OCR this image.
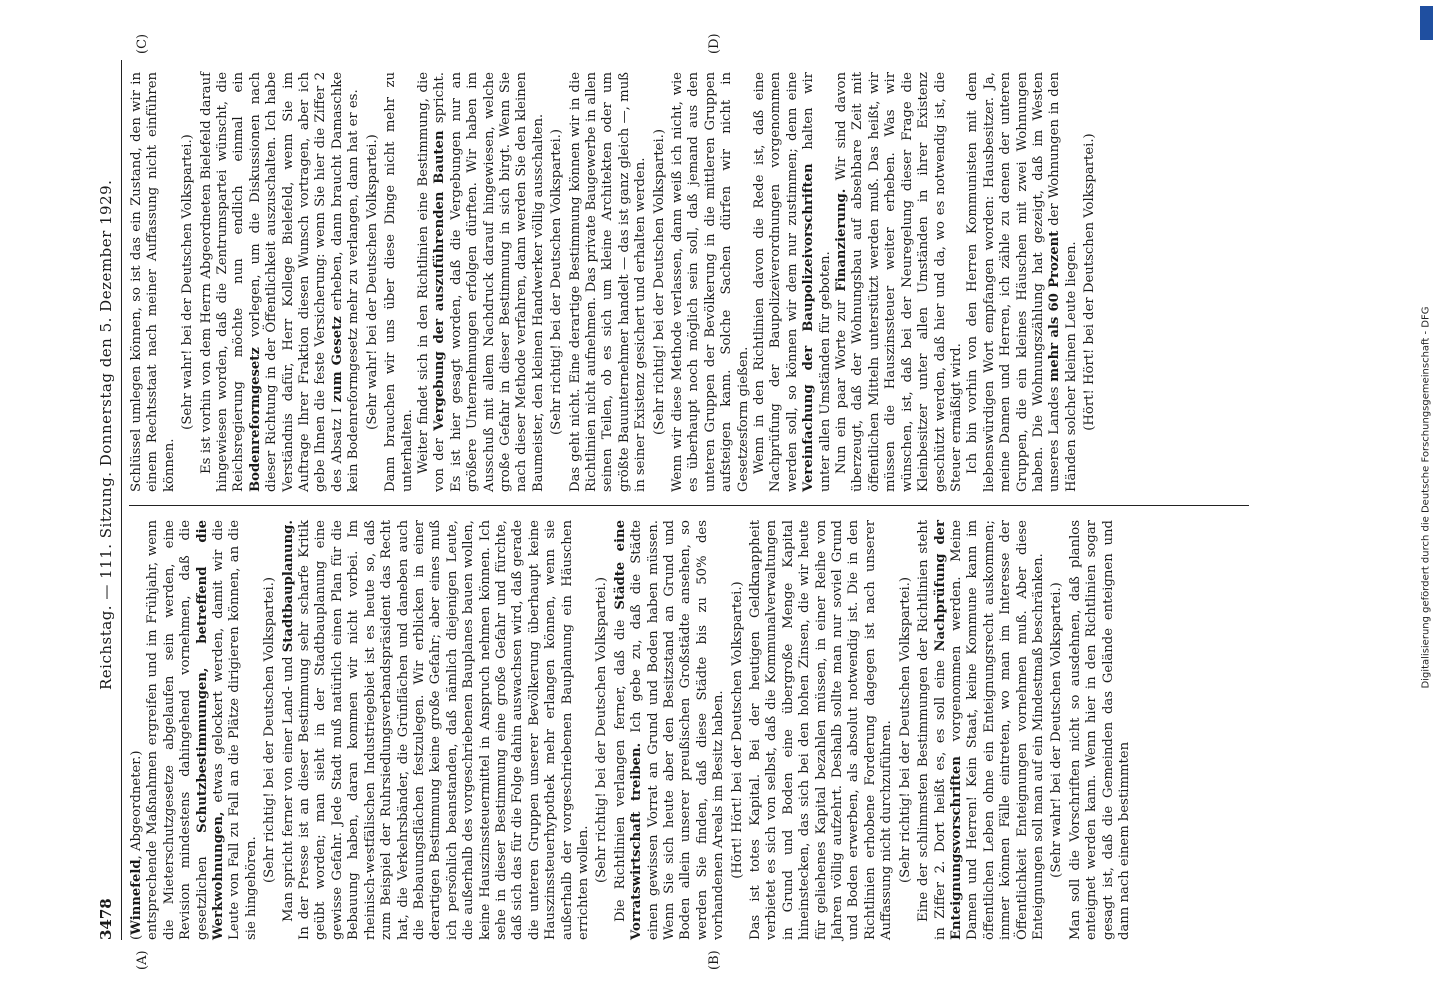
3478
Reichstag. — 111. Sitzung. Donnerstag den 5. Dezember 1929.
(A)	(B)
(C)	(D)

(Winnefeld, Abgeordneter.) entsprechende Maßnahmen ergreifen und im Frühjahr, wenn die Mieterschutzgesetze abgelaufen sein werden, eine Revision mindestens dahingehend vornehmen, daß die gesetzlichen Schutzbestimmungen, betreffend die Werkwohnungen, etwas gelockert werden, damit wir die Leute von Fall zu Fall an die Plätze dirigieren können, an die sie hingehören.

(Sehr richtig! bei der Deutschen Volkspartei.) Man spricht ferner von einer Land- und Stadtbauplanung. In der Presse ist an dieser Bestimmung sehr scharfe Kritik geübt worden; man sieht in der Stadtbauplanung eine gewisse Gefahr. Jede Stadt muß natürlich einen Plan für die Bebauung haben, daran kommen wir nicht vorbei. Im rheinisch-westfälischen Industriegebiet ist es heute so, daß zum Beispiel der Ruhrsiedlungsverbandspräsident das Recht hat, die Verkehrsbänder, die Grünflächen und daneben auch die Bebauungsflächen festzulegen. Wir erblicken in einer derartigen Bestimmung keine große Gefahr; aber eines muß ich persönlich beanstanden, daß nämlich diejenigen Leute, die außerhalb des vorgeschriebenen Bauplanes bauen wollen, keine Hauszinssteuermittel in Anspruch nehmen können. Ich sehe in dieser Bestimmung eine große Gefahr und fürchte, daß sich das für die Folge dahin auswachsen wird, daß gerade die unteren Gruppen unserer Bevölkerung überhaupt keine Hauszinssteuerhypothek mehr erlangen können, wenn sie außerhalb der vorgeschriebenen Bauplanung ein Häuschen errichten wollen. (Sehr richtig! bei der Deutschen Volkspartei.) Die Richtlinien verlangen ferner, daß die Städte eine Vorratswirtschaft treiben. Ich gebe zu, daß die Städte einen gewissen Vorrat an Grund und Boden haben müssen. Wenn Sie sich heute aber den Besitzstand an Grund und Boden allein unserer preußischen Großstädte ansehen, so werden Sie finden, daß diese Städte bis zu 50% des vorhandenen Areals im Besitz haben. (Hört! Hört! bei der Deutschen Volkspartei.) Das ist totes Kapital. Bei der heutigen Geldknappheit verbietet es sich von selbst, daß die Kommunalverwaltungen in Grund und Boden eine übergroße Menge Kapital hineinstecken, das sich bei den hohen Zinsen, die wir heute für geliehenes Kapital bezahlen müssen, in einer Reihe von Jahren völlig aufzehrt. Deshalb sollte man nur soviel Grund und Boden erwerben, als absolut notwendig ist. Die in den Richtlinien erhobene Forderung dagegen ist nach unserer Auffassung nicht durchzuführen. (Sehr richtig! bei der Deutschen Volkspartei.) Eine der schlimmsten Bestimmungen der Richtlinien steht in Ziffer 2. Dort heißt es, es soll eine Nachprüfung der Enteignungsvorschriften vorgenommen werden. Meine Damen und Herren! Kein Staat, keine Kommune kann im öffentlichen Leben ohne ein Enteignungsrecht auskommen; immer können Fälle eintreten, wo man im Interesse der Öffentlichkeit Enteignungen vornehmen muß. Aber diese Enteignungen soll man auf ein Mindestmaß beschränken. (Sehr wahr! bei der Deutschen Volkspartei.) Man soll die Vorschriften nicht so ausdehnen, daß planlos enteignet werden kann. Wenn hier in den Richtlinien sogar gesagt ist, daß die Gemeinden das Gelände enteignen und dann nach einem bestimmten

Schlüssel umlegen können, so ist das ein Zustand, den wir in einem Rechtsstaat nach meiner Auffassung nicht einführen können.

(Sehr wahr! bei der Deutschen Volkspartei.) Es ist vorhin von dem Herrn Abgeordneten Bielefeld darauf hingewiesen worden, daß die Zentrumspartei wünscht, die Reichsregierung möchte nun endlich einmal ein Bodenreformgesetz vorlegen, um die Diskussionen nach dieser Richtung in der Öffentlichkeit auszuschalten. Ich habe Verständnis dafür, Herr Kollege Bielefeld, wenn Sie im Auftrage Ihrer Fraktion diesen Wunsch vortragen, aber ich gebe Ihnen die feste Versicherung: wenn Sie hier die Ziffer 2 des Absatz I zum Gesetz erheben, dann braucht Damaschke kein Bodenreformgesetz mehr zu verlangen, dann hat er es. (Sehr wahr! bei der Deutschen Volkspartei.) Dann brauchen wir uns über diese Dinge nicht mehr zu unterhalten. Weiter findet sich in den Richtlinien eine Bestimmung, die von der Vergebung der auszuführenden Bauten spricht. Es ist hier gesagt worden, daß die Vergebungen nur an größere Unternehmungen erfolgen dürften. Wir haben im Ausschuß mit allem Nachdruck darauf hingewiesen, welche große Gefahr in dieser Bestimmung in sich birgt. Wenn Sie nach dieser Methode verfahren, dann werden Sie den kleinen Baumeister, den kleinen Handwerker völlig ausschalten. (Sehr richtig! bei der Deutschen Volkspartei.) Das geht nicht. Eine derartige Bestimmung können wir in die Richtlinien nicht aufnehmen. Das private Baugewerbe in allen seinen Teilen, ob es sich um kleine Architekten oder um größte Bauunternehmer handelt — das ist ganz gleich —, muß in seiner Existenz gesichert und erhalten werden. (Sehr richtig! bei der Deutschen Volkspartei.) Wenn wir diese Methode verlassen, dann weiß ich nicht, wie es überhaupt noch möglich sein soll, daß jemand aus den unteren Gruppen der Bevölkerung in die mittleren Gruppen aufsteigen kann. Solche Sachen dürfen wir nicht in Gesetzesform gießen. Wenn in den Richtlinien davon die Rede ist, daß eine Nachprüfung der Baupolizeiverordnungen vorgenommen werden soll, so können wir dem nur zustimmen; denn eine Vereinfachung der Baupolizeivorschriften halten wir unter allen Umständen für geboten. Nun ein paar Worte zur Finanzierung. Wir sind davon überzeugt, daß der Wohnungsbau auf absehbare Zeit mit öffentlichen Mitteln unterstützt werden muß. Das heißt, wir müssen die Hauszinssteuer weiter erheben. Was wir wünschen, ist, daß bei der Neuregelung dieser Frage die Kleinbesitzer unter allen Umständen in ihrer Existenz geschützt werden, daß hier und da, wo es notwendig ist, die Steuer ermäßigt wird. Ich bin vorhin von den Herren Kommunisten mit dem liebenswürdigen Wort empfangen worden: Hausbesitzer. Ja, meine Damen und Herren, ich zähle zu denen der unteren Gruppen, die ein kleines Häuschen mit zwei Wohnungen haben. Die Wohnungszählung hat gezeigt, daß im Westen unseres Landes mehr als 60 Prozent der Wohnungen in den Händen solcher kleinen Leute liegen. (Hört! Hört! bei der Deutschen Volkspartei.)

Digitalisierung gefördert durch die Deutsche Forschungsgemeinschaft - DFG
